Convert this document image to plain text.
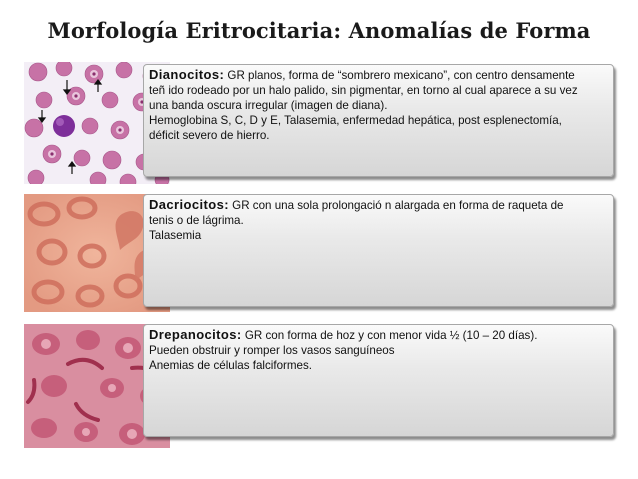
Morfología Eritrocitaria: Anomalías de Forma
Dianocitos: GR planos, forma de “sombrero mexicano”, con centro densamente
teñ ido rodeado por un halo palido, sin pigmentar, en torno al cual aparece a su vez
una banda oscura irregular (imagen de diana).
Hemoglobina S, C, D y E, Talasemia, enfermedad hepática, post esplenectomía,
déficit severo de hierro.
Dacriocitos: GR con una sola prolongació n alargada en forma de raqueta de
tenis o de lágrima.
Talasemia
Drepanocitos: GR con forma de hoz y con menor vida ½ (10 – 20 días).
Pueden obstruir y romper los vasos sanguíneos
Anemias de células falciformes.
